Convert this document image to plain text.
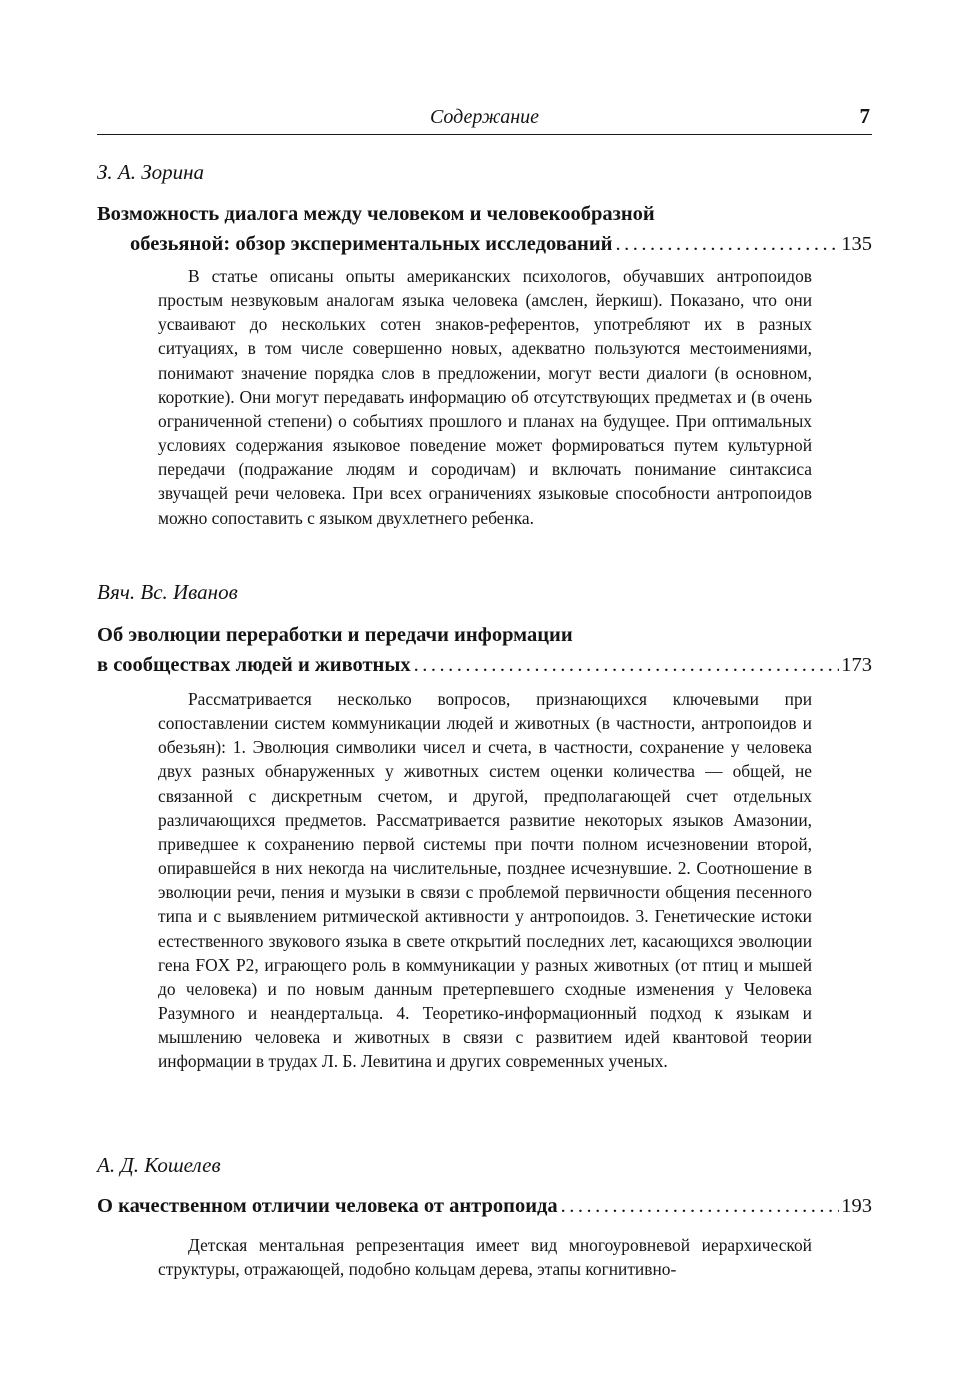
Содержание	7
З. А. Зорина
Возможность диалога между человеком и человекообразной
обезьяной: обзор экспериментальных исследований .....	135

В статье описаны опыты американских психологов, обучавших антропоидов простым незвуковым аналогам языка человека (амслен, йеркиш). Показано, что они усваивают до нескольких сотен знаков-референтов, употребляют их в разных ситуациях, в том числе совершенно новых, адекватно пользуются местоимениями, понимают значение порядка слов в предложении, могут вести диалоги (в основном, короткие). Они могут передавать информацию об отсутствующих предметах и (в очень ограниченной степени) о событиях прошлого и планах на будущее. При оптимальных условиях содержания языковое поведение может формироваться путем культурной передачи (подражание людям и сородичам) и включать понимание синтаксиса звучащей речи человека. При всех ограничениях языковые способности антропоидов можно сопоставить с языком двухлетнего ребенка.

Вяч. Вс. Иванов
Об эволюции переработки и передачи информации
в сообществах людей и животных .....	173

Рассматривается несколько вопросов, признающихся ключевыми при сопоставлении систем коммуникации людей и животных (в частности, антропоидов и обезьян): 1. Эволюция символики чисел и счета, в частности, сохранение у человека двух разных обнаруженных у животных систем оценки количества — общей, не связанной с дискретным счетом, и другой, предполагающей счет отдельных различающихся предметов. Рассматривается развитие некоторых языков Амазонии, приведшее к сохранению первой системы при почти полном исчезновении второй, опиравшейся в них некогда на числительные, позднее исчезнувшие. 2. Соотношение в эволюции речи, пения и музыки в связи с проблемой первичности общения песенного типа и с выявлением ритмической активности у антропоидов. 3. Генетические истоки естественного звукового языка в свете открытий последних лет, касающихся эволюции гена FOX P2, играющего роль в коммуникации у разных животных (от птиц и мышей до человека) и по новым данным претерпевшего сходные изменения у Человека Разумного и неандертальца. 4. Теоретико-информационный подход к языкам и мышлению человека и животных в связи с развитием идей квантовой теории информации в трудах Л. Б. Левитина и других современных ученых.

А. Д. Кошелев
О качественном отличии человека от антропоида .....	193

Детская ментальная репрезентация имеет вид многоуровневой иерархической структуры, отражающей, подобно кольцам дерева, этапы когнитивно-
